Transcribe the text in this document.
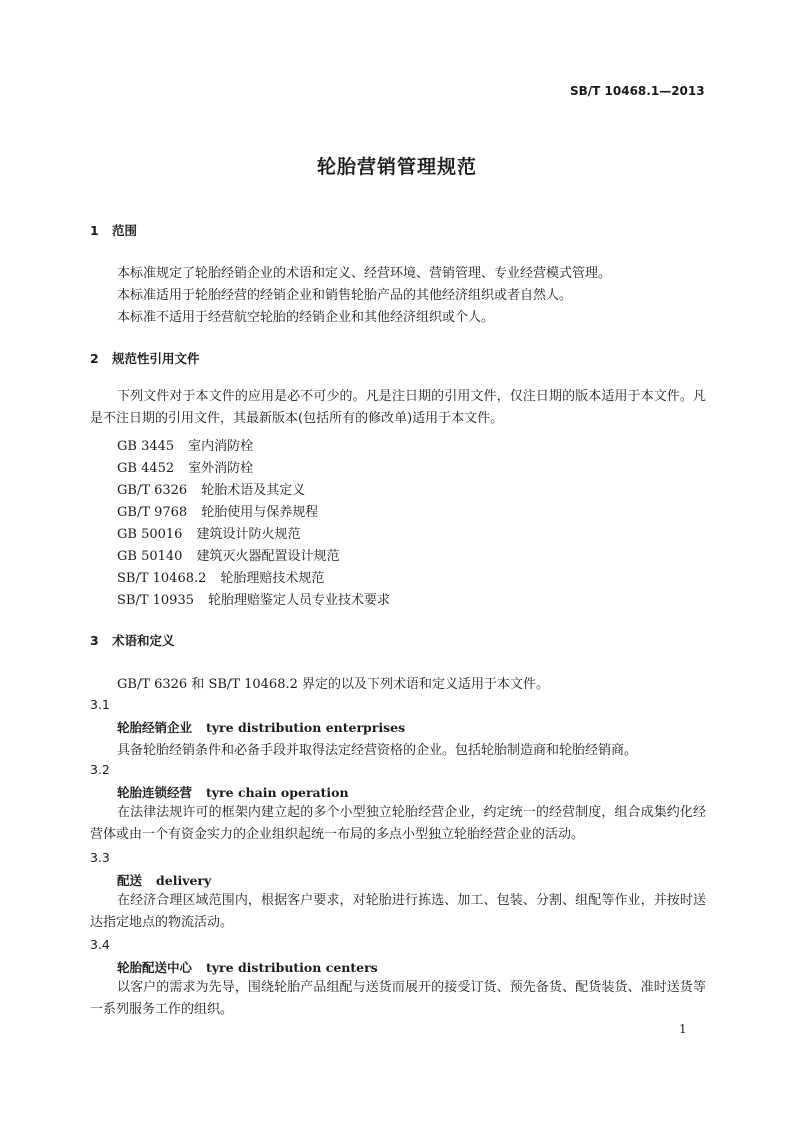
SB/T 10468.1—2013
轮胎营销管理规范
1 范围
本标准规定了轮胎经销企业的术语和定义、经营环境、营销管理、专业经营模式管理。
本标准适用于轮胎经营的经销企业和销售轮胎产品的其他经济组织或者自然人。
本标准不适用于经营航空轮胎的经销企业和其他经济组织或个人。
2 规范性引用文件
下列文件对于本文件的应用是必不可少的。凡是注日期的引用文件，仅注日期的版本适用于本文件。凡是不注日期的引用文件，其最新版本(包括所有的修改单)适用于本文件。
GB 3445 室内消防栓
GB 4452 室外消防栓
GB/T 6326 轮胎术语及其定义
GB/T 9768 轮胎使用与保养规程
GB 50016 建筑设计防火规范
GB 50140 建筑灭火器配置设计规范
SB/T 10468.2 轮胎理赔技术规范
SB/T 10935 轮胎理赔鉴定人员专业技术要求
3 术语和定义
GB/T 6326 和 SB/T 10468.2 界定的以及下列术语和定义适用于本文件。
3.1
轮胎经销企业 tyre distribution enterprises
具备轮胎经销条件和必备手段并取得法定经营资格的企业。包括轮胎制造商和轮胎经销商。
3.2
轮胎连锁经营 tyre chain operation
在法律法规许可的框架内建立起的多个小型独立轮胎经营企业，约定统一的经营制度，组合成集约化经营体或由一个有资金实力的企业组织起统一布局的多点小型独立轮胎经营企业的活动。
3.3
配送 delivery
在经济合理区域范围内，根据客户要求，对轮胎进行拣选、加工、包装、分割、组配等作业，并按时送达指定地点的物流活动。
3.4
轮胎配送中心 tyre distribution centers
以客户的需求为先导，围绕轮胎产品组配与送货而展开的接受订货、预先备货、配货装货、准时送货等一系列服务工作的组织。
1
